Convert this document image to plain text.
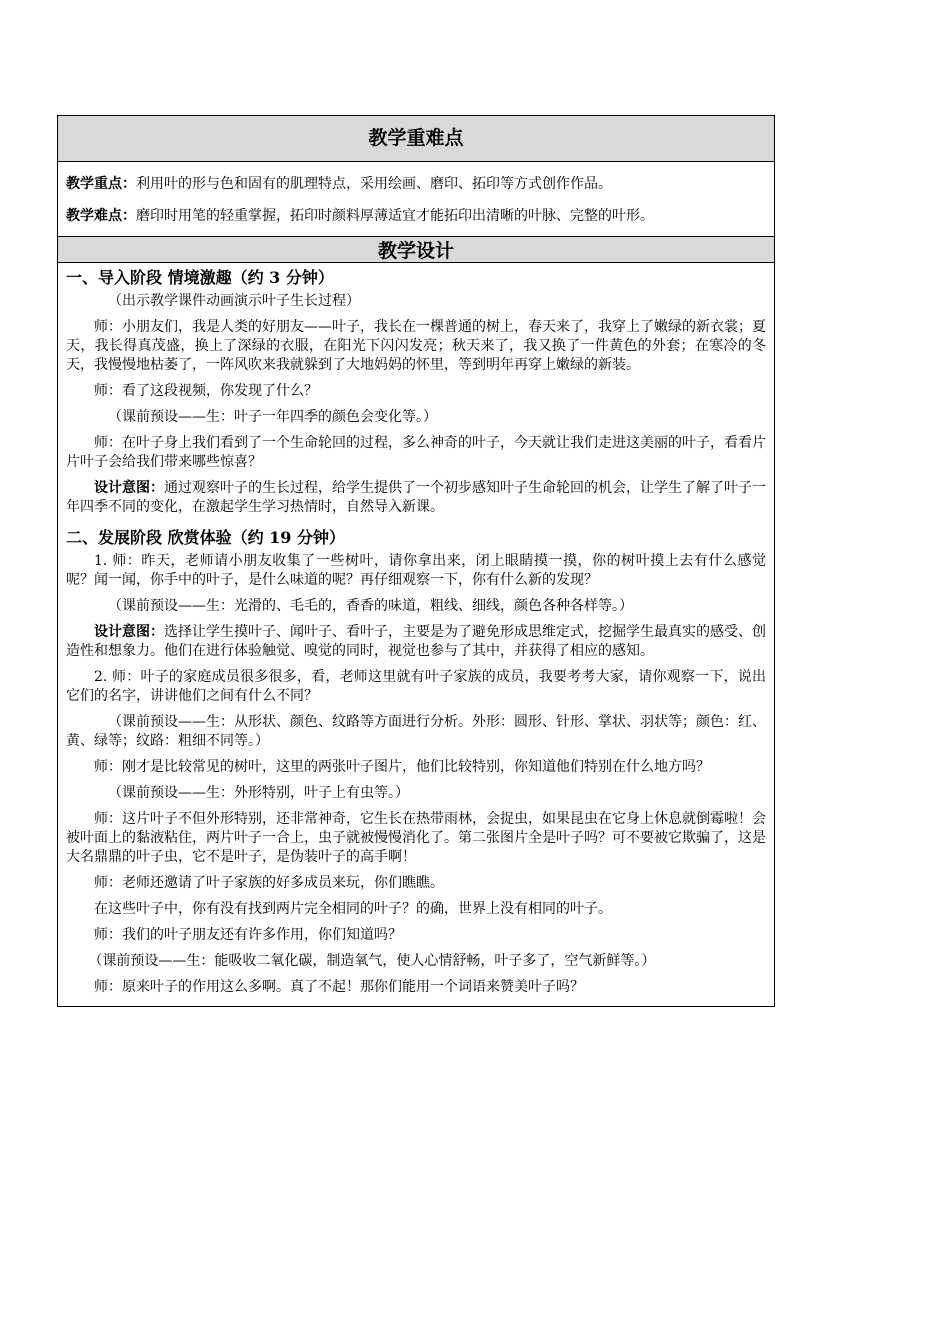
教学重难点

教学重点：利用叶的形与色和固有的肌理特点，采用绘画、磨印、拓印等方式创作作品。

教学难点：磨印时用笔的轻重掌握，拓印时颜料厚薄适宜才能拓印出清晰的叶脉、完整的叶形。

教学设计

一、导入阶段 情境激趣（约 3 分钟）

（出示教学课件动画演示叶子生长过程）

师：小朋友们，我是人类的好朋友——叶子，我长在一棵普通的树上，春天来了，我穿上了嫩绿的新衣裳；夏天，我长得真茂盛，换上了深绿的衣服，在阳光下闪闪发亮；秋天来了，我又换了一件黄色的外套；在寒冷的冬天，我慢慢地枯萎了，一阵风吹来我就躲到了大地妈妈的怀里，等到明年再穿上嫩绿的新装。

师：看了这段视频，你发现了什么？

（课前预设——生：叶子一年四季的颜色会变化等。）

师：在叶子身上我们看到了一个生命轮回的过程，多么神奇的叶子，今天就让我们走进这美丽的叶子，看看片片叶子会给我们带来哪些惊喜？

设计意图：通过观察叶子的生长过程，给学生提供了一个初步感知叶子生命轮回的机会，让学生了解了叶子一年四季不同的变化，在激起学生学习热情时，自然导入新课。

二、发展阶段 欣赏体验（约 19 分钟）

1. 师：昨天，老师请小朋友收集了一些树叶，请你拿出来，闭上眼睛摸一摸，你的树叶摸上去有什么感觉呢？闻一闻，你手中的叶子，是什么味道的呢？再仔细观察一下，你有什么新的发现？

（课前预设——生：光滑的、毛毛的，香香的味道，粗线、细线，颜色各种各样等。）

设计意图：选择让学生摸叶子、闻叶子、看叶子，主要是为了避免形成思维定式，挖掘学生最真实的感受、创造性和想象力。他们在进行体验触觉、嗅觉的同时，视觉也参与了其中，并获得了相应的感知。

2. 师：叶子的家庭成员很多很多，看，老师这里就有叶子家族的成员，我要考考大家，请你观察一下，说出它们的名字，讲讲他们之间有什么不同？

（课前预设——生：从形状、颜色、纹路等方面进行分析。外形：圆形、针形、掌状、羽状等；颜色：红、黄、绿等；纹路：粗细不同等。）

师：刚才是比较常见的树叶，这里的两张叶子图片，他们比较特别，你知道他们特别在什么地方吗？

（课前预设——生：外形特别，叶子上有虫等。）

师：这片叶子不但外形特别，还非常神奇，它生长在热带雨林，会捉虫，如果昆虫在它身上休息就倒霉啦！会被叶面上的黏液粘住，两片叶子一合上，虫子就被慢慢消化了。第二张图片全是叶子吗？可不要被它欺骗了，这是大名鼎鼎的叶子虫，它不是叶子，是伪装叶子的高手啊！

师：老师还邀请了叶子家族的好多成员来玩，你们瞧瞧。

在这些叶子中，你有没有找到两片完全相同的叶子？的确，世界上没有相同的叶子。

师：我们的叶子朋友还有许多作用，你们知道吗？

（课前预设——生：能吸收二氧化碳，制造氧气，使人心情舒畅，叶子多了，空气新鲜等。）

师：原来叶子的作用这么多啊。真了不起！那你们能用一个词语来赞美叶子吗？
